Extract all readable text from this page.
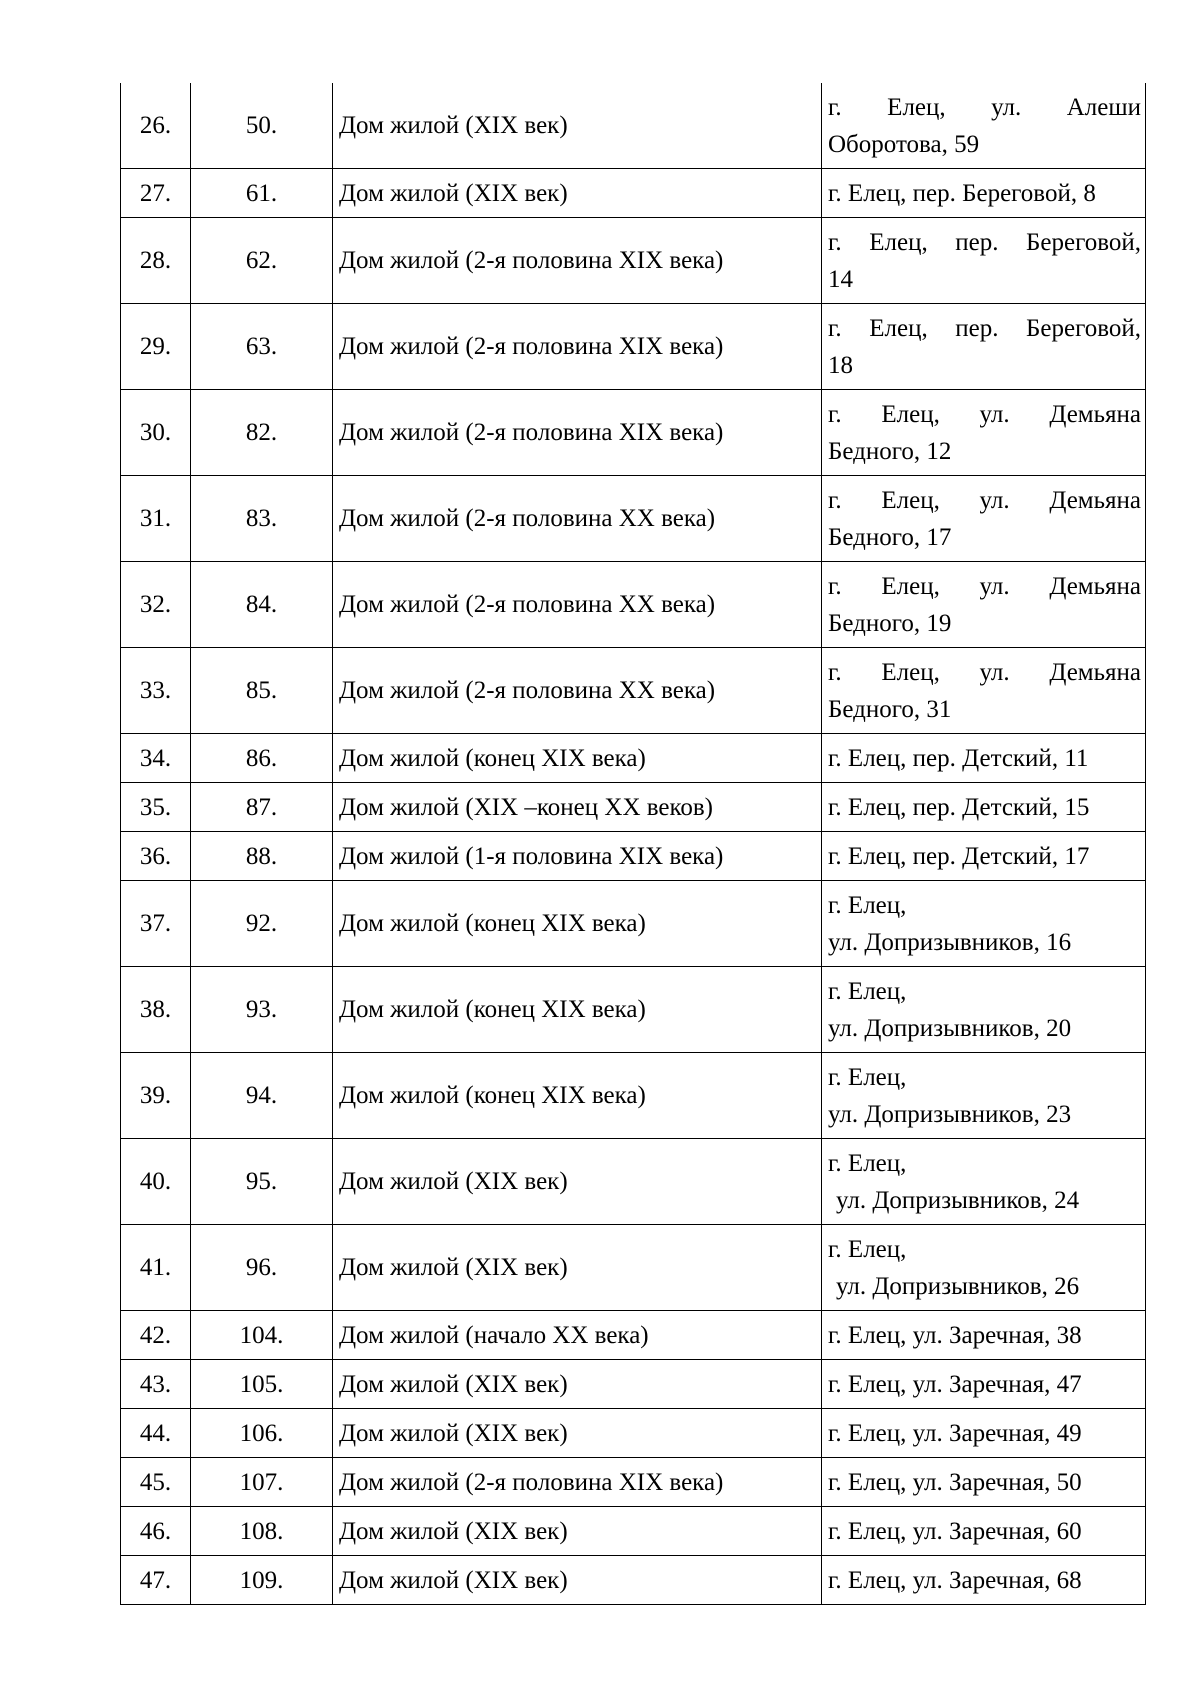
26.	50.	Дом жилой (XIX век)	г. Елец, ул. Алеши
Оборотова, 59

27.	61.	Дом жилой (XIX век)	г. Елец, пер. Береговой, 8

28.	62.	Дом жилой (2-я половина XIX века)	г. Елец, пер. Береговой,
14

29.	63.	Дом жилой (2-я половина XIX века)	г. Елец, пер. Береговой,
18

30.	82.	Дом жилой (2-я половина XIX века)	г. Елец, ул. Демьяна
Бедного, 12

31.	83.	Дом жилой (2-я половина XX века)	г. Елец, ул. Демьяна
Бедного, 17

32.	84.	Дом жилой (2-я половина XX века)	г. Елец, ул. Демьяна
Бедного, 19

33.	85.	Дом жилой (2-я половина XX века)	г. Елец, ул. Демьяна
Бедного, 31

34.	86.	Дом жилой (конец XIX века)	г. Елец, пер. Детский, 11

35.	87.	Дом жилой (XIX –конец XX веков)	г. Елец, пер. Детский, 15

36.	88.	Дом жилой (1-я половина XIX века)	г. Елец, пер. Детский, 17

37.	92.	Дом жилой (конец XIX века)	г. Елец,
ул. Допризывников, 16

38.	93.	Дом жилой (конец XIX века)	г. Елец,
ул. Допризывников, 20

39.	94.	Дом жилой (конец XIX века)	г. Елец,
ул. Допризывников, 23

40.	95.	Дом жилой (XIX век)	г. Елец,
ул. Допризывников, 24

41.	96.	Дом жилой (XIX век)	г. Елец,
ул. Допризывников, 26

42.	104.	Дом жилой (начало XX века)	г. Елец, ул. Заречная, 38

43.	105.	Дом жилой (XIX век)	г. Елец, ул. Заречная, 47

44.	106.	Дом жилой (XIX век)	г. Елец, ул. Заречная, 49

45.	107.	Дом жилой (2-я половина XIX века)	г. Елец, ул. Заречная, 50

46.	108.	Дом жилой (XIX век)	г. Елец, ул. Заречная, 60

47.	109.	Дом жилой (XIX век)	г. Елец, ул. Заречная, 68
